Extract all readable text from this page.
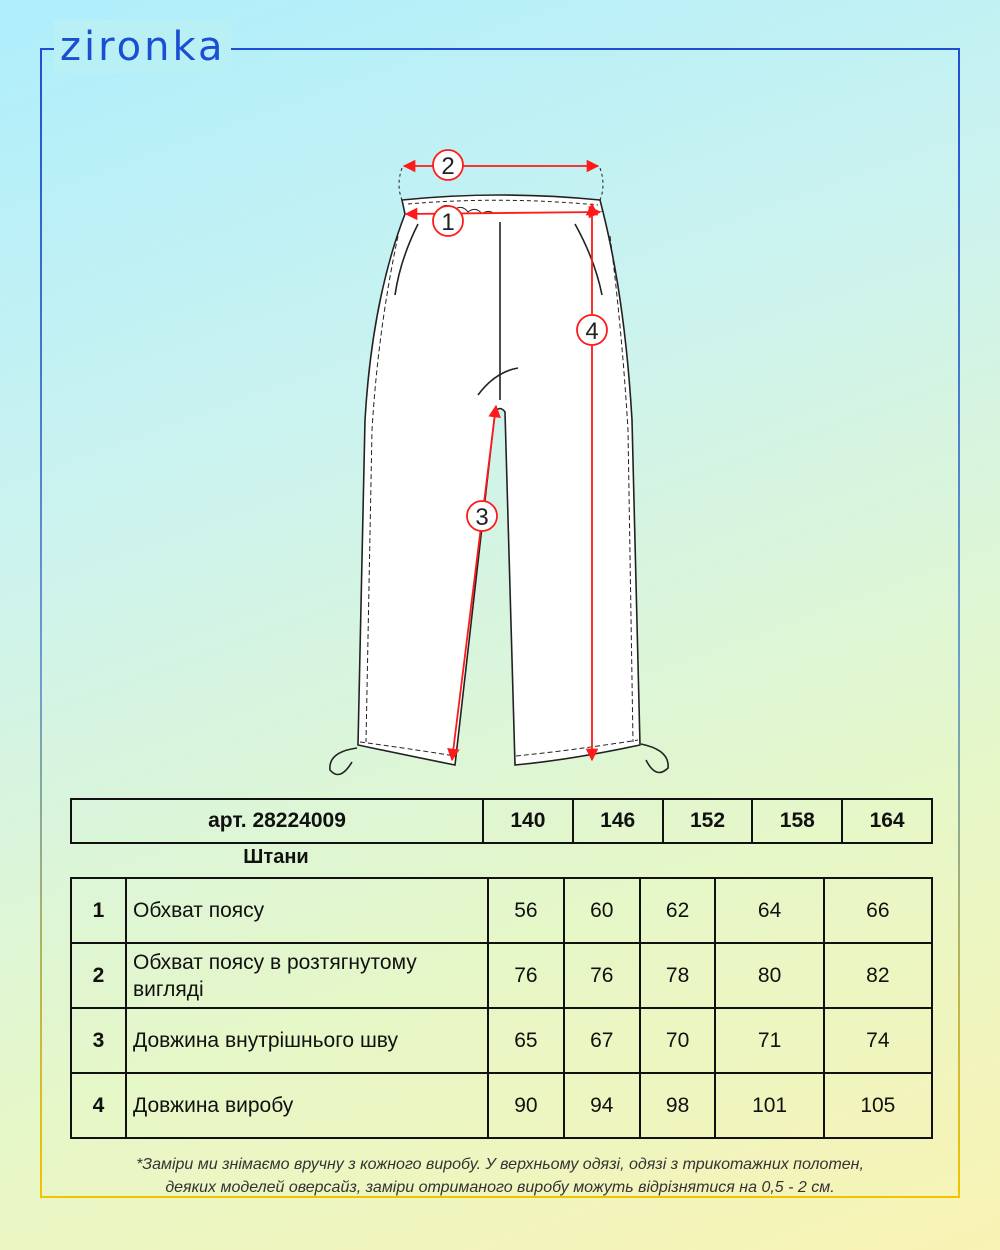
zironka
1
2
3
4
арт. 28224009	140	146	152	158	164
Штани
1	Обхват поясу	56	60	62	64	66
2	Обхват поясу в розтягнутому вигляді	76	76	78	80	82
3	Довжина внутрішнього шву	65	67	70	71	74
4	Довжина виробу	90	94	98	101	105
*Заміри ми знімаємо вручну з кожного виробу. У верхньому одязі, одязі з трикотажних полотен,
деяких моделей оверсайз, заміри отриманого виробу можуть відрізнятися на 0,5 - 2 см.
